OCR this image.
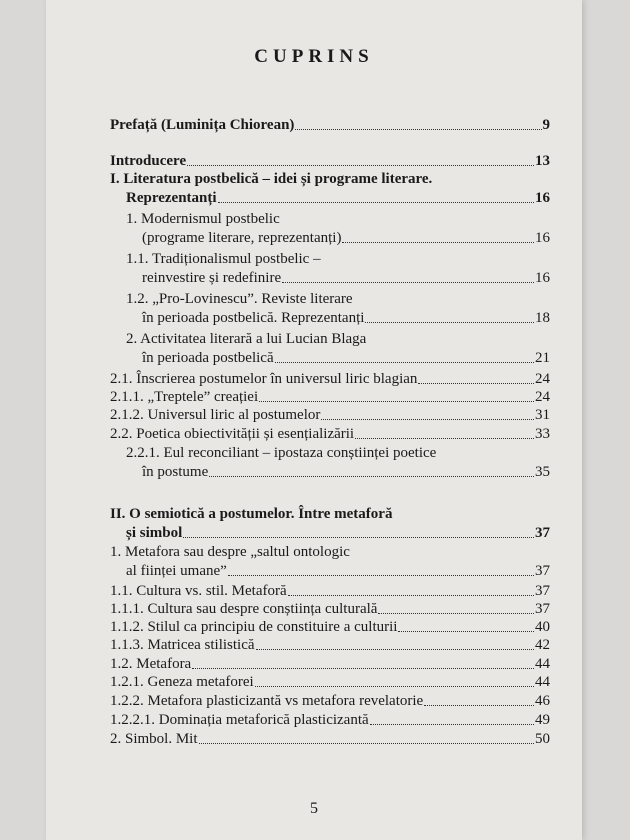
CUPRINS
Prefață (Luminița Chiorean)	9
Introducere	13
I. Literatura postbelică – idei și programe literare.
Reprezentanți	16
1. Modernismul postbelic
(programe literare, reprezentanți)	16
1.1. Tradiționalismul postbelic –
reinvestire și redefinire	16
1.2. „Pro-Lovinescu”. Reviste literare
în perioada postbelică. Reprezentanți	18
2. Activitatea literară a lui Lucian Blaga
în perioada postbelică	21
2.1. Înscrierea postumelor în universul liric blagian	24
2.1.1. „Treptele” creației	24
2.1.2. Universul liric al postumelor	31
2.2. Poetica obiectivității și esențializării	33
2.2.1. Eul reconciliant – ipostaza conștiinței poetice
în postume	35
II. O semiotică a postumelor. Între metaforă
și simbol	37
1. Metafora sau despre „saltul ontologic
al ființei umane”	37
1.1. Cultura vs. stil. Metaforă	37
1.1.1. Cultura sau despre conștiința culturală	37
1.1.2. Stilul ca principiu de constituire a culturii	40
1.1.3. Matricea stilistică	42
1.2. Metafora	44
1.2.1. Geneza metaforei	44
1.2.2. Metafora plasticizantă vs metafora revelatorie	46
1.2.2.1. Dominația metaforică plasticizantă	49
2. Simbol. Mit	50
5
